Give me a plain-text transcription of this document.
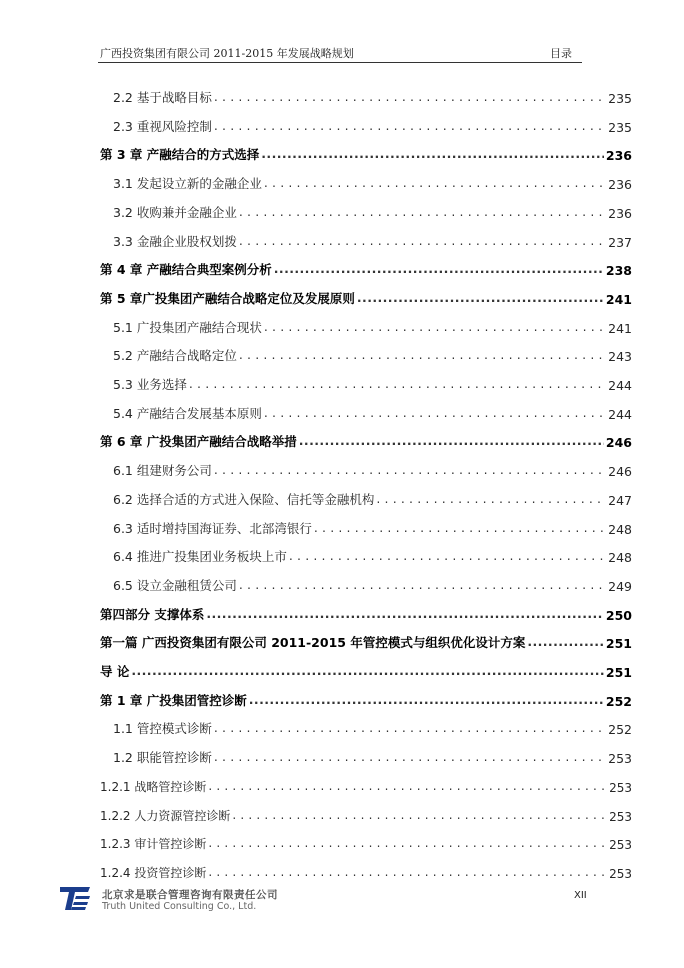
广西投资集团有限公司 2011-2015 年发展战略规划	目录
2.2 基于战略目标 .....	235
2.3 重视风险控制 .....	235
第 3 章 产融结合的方式选择 .....	236
3.1 发起设立新的金融企业 .....	236
3.2 收购兼并金融企业 .....	236
3.3 金融企业股权划拨 .....	237
第 4 章 产融结合典型案例分析 .....	238
第 5 章广投集团产融结合战略定位及发展原则 .....	241
5.1 广投集团产融结合现状 .....	241
5.2 产融结合战略定位 .....	243
5.3 业务选择 .....	244
5.4 产融结合发展基本原则 .....	244
第 6 章 广投集团产融结合战略举措 .....	246
6.1 组建财务公司 .....	246
6.2 选择合适的方式进入保险、信托等金融机构 .....	247
6.3 适时增持国海证券、北部湾银行 .....	248
6.4 推进广投集团业务板块上市 .....	248
6.5 设立金融租赁公司 .....	249
第四部分 支撑体系 .....	250
第一篇 广西投资集团有限公司 2011-2015 年管控模式与组织优化设计方案 .....	251
导 论 .....	251
第 1 章 广投集团管控诊断 .....	252
1.1 管控模式诊断 .....	252
1.2 职能管控诊断 .....	253
1.2.1 战略管控诊断 .....	253
1.2.2 人力资源管控诊断 .....	253
1.2.3 审计管控诊断 .....	253
1.2.4 投资管控诊断 .....	253
北京求是联合管理咨询有限责任公司
Truth United Consulting Co., Ltd.
XII
